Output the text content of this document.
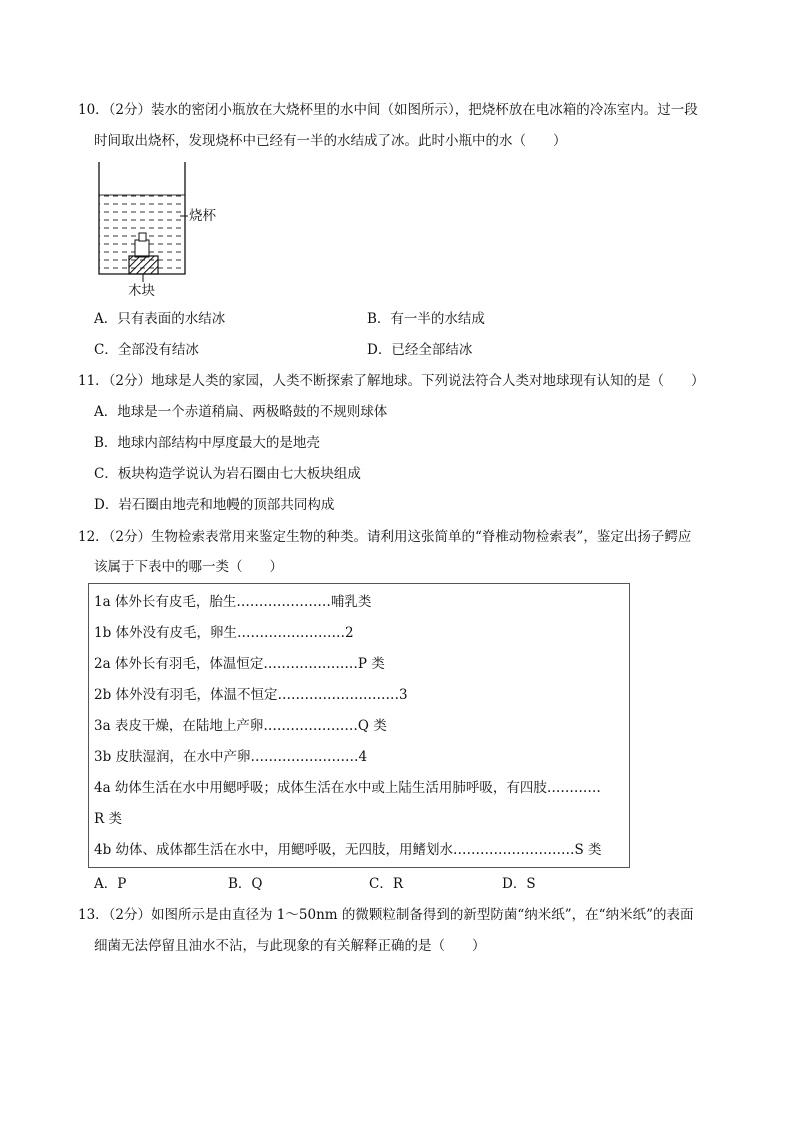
10．（2分）装水的密闭小瓶放在大烧杯里的水中间（如图所示），把烧杯放在电冰箱的冷冻室内。过一段
时间取出烧杯，发现烧杯中已经有一半的水结成了冰。此时小瓶中的水（　　）
烧杯
木块
A．只有表面的水结冰	B．有一半的水结成
C．全部没有结冰	D．已经全部结冰
11．（2分）地球是人类的家园，人类不断探索了解地球。下列说法符合人类对地球现有认知的是（　　）
A．地球是一个赤道稍扁、两极略鼓的不规则球体
B．地球内部结构中厚度最大的是地壳
C．板块构造学说认为岩石圈由七大板块组成
D．岩石圈由地壳和地幔的顶部共同构成
12．（2分）生物检索表常用来鉴定生物的种类。请利用这张简单的“脊椎动物检索表”，鉴定出扬子鳄应
该属于下表中的哪一类（　　）
1a 体外长有皮毛，胎生…………………哺乳类
1b 体外没有皮毛，卵生……………………2
2a 体外长有羽毛，体温恒定…………………P 类
2b 体外没有羽毛，体温不恒定………………………3
3a 表皮干燥，在陆地上产卵…………………Q 类
3b 皮肤湿润，在水中产卵……………………4
4a 幼体生活在水中用鳃呼吸；成体生活在水中或上陆生活用肺呼吸，有四肢…………
R 类
4b 幼体、成体都生活在水中，用鳃呼吸，无四肢，用鳍划水………………………S 类
A．P	B．Q	C．R	D．S
13．（2分）如图所示是由直径为 1～50nm 的微颗粒制备得到的新型防菌“纳米纸”，在“纳米纸”的表面
细菌无法停留且油水不沾，与此现象的有关解释正确的是（　　）
